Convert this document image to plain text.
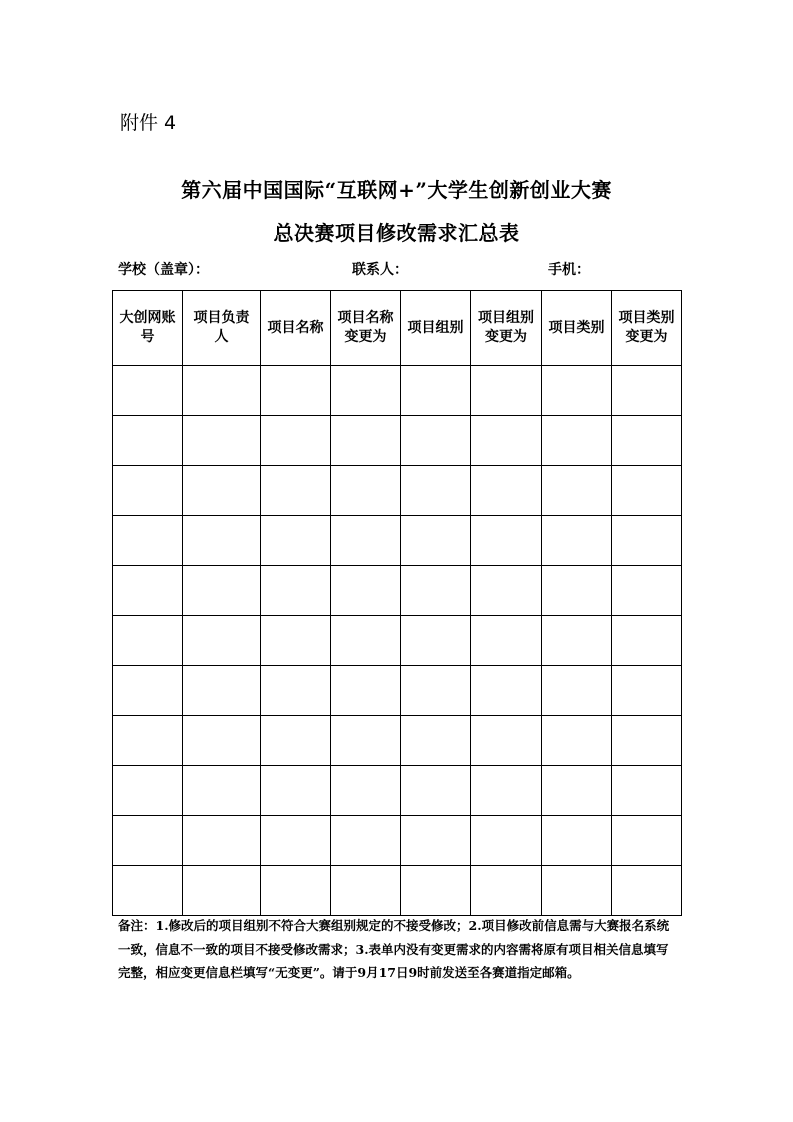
附件 4
第六届中国国际“互联网+”大学生创新创业大赛
总决赛项目修改需求汇总表
学校（盖章）：	联系人：	手机：
大创网账号	项目负责人	项目名称	项目名称变更为	项目组别	项目组别变更为	项目类别	项目类别变更为

备注：1.修改后的项目组别不符合大赛组别规定的不接受修改；2.项目修改前信息需与大赛报名系统一致，信息不一致的项目不接受修改需求；3.表单内没有变更需求的内容需将原有项目相关信息填写完整，相应变更信息栏填写“无变更”。请于9月17日9时前发送至各赛道指定邮箱。
